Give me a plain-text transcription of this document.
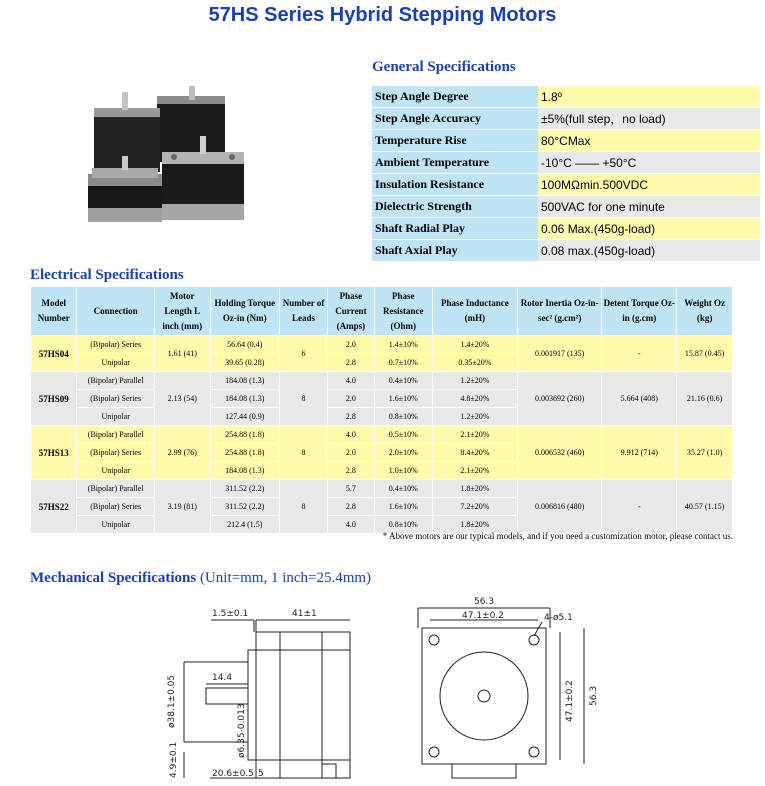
57HS Series Hybrid Stepping Motors
General Specifications
Step Angle Degree	1.8º
Step Angle Accuracy	±5%(full step，no load)
Temperature Rise	80°CMax
Ambient Temperature	-10°C —— +50°C
Insulation Resistance	100MΩmin.500VDC
Dielectric Strength	500VAC for one minute
Shaft Radial Play	0.06 Max.(450g-load)
Shaft Axial Play	0.08 max.(450g-load)
Electrical Specifications
Model Number	Connection	Motor Length L inch (mm)	Holding Torque Oz-in (Nm)	Number of Leads	Phase Current (Amps)	Phase Resistance (Ohm)	Phase Inductance (mH)	Rotor Inertia Oz-in-sec² (g.cm²)	Detent Torque Oz-in (g.cm)	Weight Oz (kg)
57HS04	(Bipolar) Series	1.61 (41)	56.64 (0.4)	6	2.0	1.4±10%	1.4±20%	0.001917 (135)	-	15.87 (0.45)
	Unipolar		39.65 (0.28)		2.8	0.7±10%	0.35±20%			
57HS09	(Bipolar) Parallel	2.13 (54)	184.08 (1.3)	8	4.0	0.4±10%	1.2±20%	0.003692 (260)	5.664 (408)	21.16 (0.6)
	(Bipolar) Series		184.08 (1.3)		2.0	1.6±10%	4.8±20%			
	Unipolar		127.44 (0.9)		2.8	0.8±10%	1.2±20%			
57HS13	(Bipolar) Parallel	2.99 (76)	254.88 (1.8)	8	4.0	0.5±10%	2.1±20%	0.006532 (460)	9.912 (714)	35.27 (1.0)
	(Bipolar) Series		254.88 (1.8)		2.0	2.0±10%	8.4±20%			
	Unipolar		184.08 (1.3)		2.8	1.0±10%	2.1±20%			
57HS22	(Bipolar) Parallel	3.19 (81)	311.52 (2.2)	8	5.7	0.4±10%	1.8±20%	0.006816 (480)	-	40.57 (1.15)
	(Bipolar) Series		311.52 (2.2)		2.8	1.6±10%	7.2±20%			
	Unipolar		212.4 (1.5)		4.0	0.8±10%	1.8±20%			
* Above motors are our typical models, and if you need a customization motor, please contact us.
Mechanical Specifications (Unit=mm, 1 inch=25.4mm)
1.5±0.1	41±1
14.4
ø38.1±0.05
ø6.35-0.013
4.9±0.1	20.6±0.5 5
56.3
47.1±0.2	4-ø5.1
47.1±0.2 56.3
